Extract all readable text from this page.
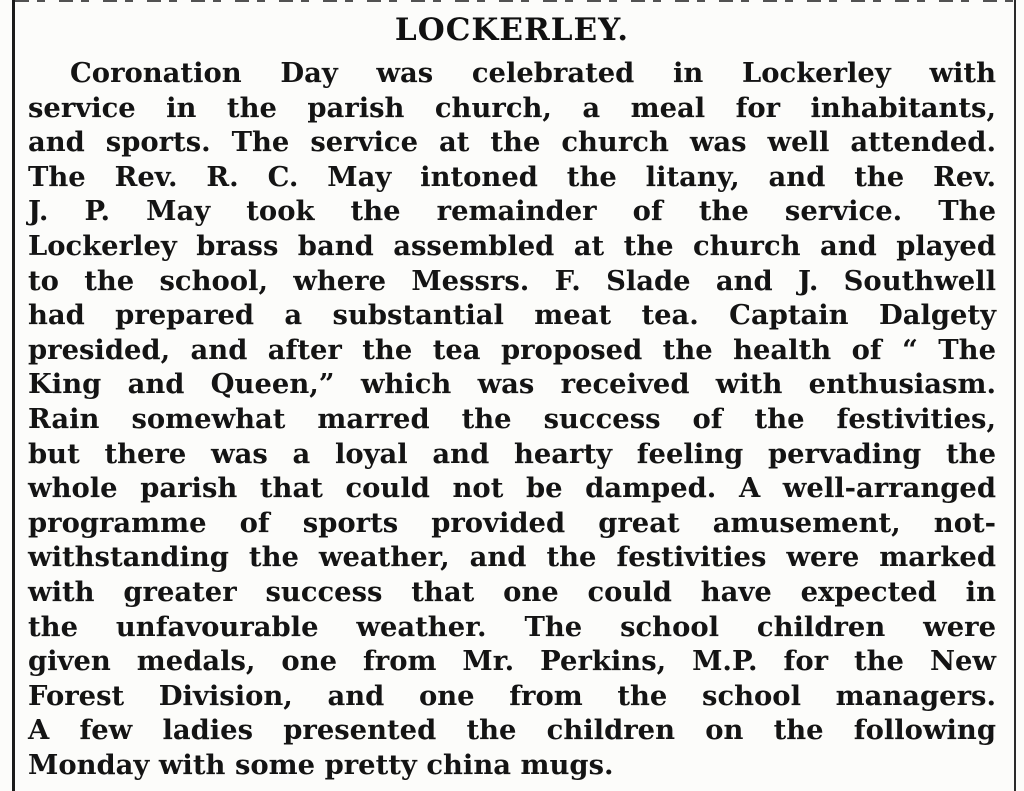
LOCKERLEY.
Coronation Day was celebrated in Lockerley with
service in the parish church, a meal for inhabitants,
and sports. The service at the church was well attended.
The Rev. R. C. May intoned the litany, and the Rev.
J. P. May took the remainder of the service. The
Lockerley brass band assembled at the church and played
to the school, where Messrs. F. Slade and J. Southwell
had prepared a substantial meat tea. Captain Dalgety
presided, and after the tea proposed the health of “ The
King and Queen,” which was received with enthusiasm.
Rain somewhat marred the success of the festivities,
but there was a loyal and hearty feeling pervading the
whole parish that could not be damped. A well-arranged
programme of sports provided great amusement, not-
withstanding the weather, and the festivities were marked
with greater success that one could have expected in
the unfavourable weather. The school children were
given medals, one from Mr. Perkins, M.P. for the New
Forest Division, and one from the school managers.
A few ladies presented the children on the following
Monday with some pretty china mugs.
